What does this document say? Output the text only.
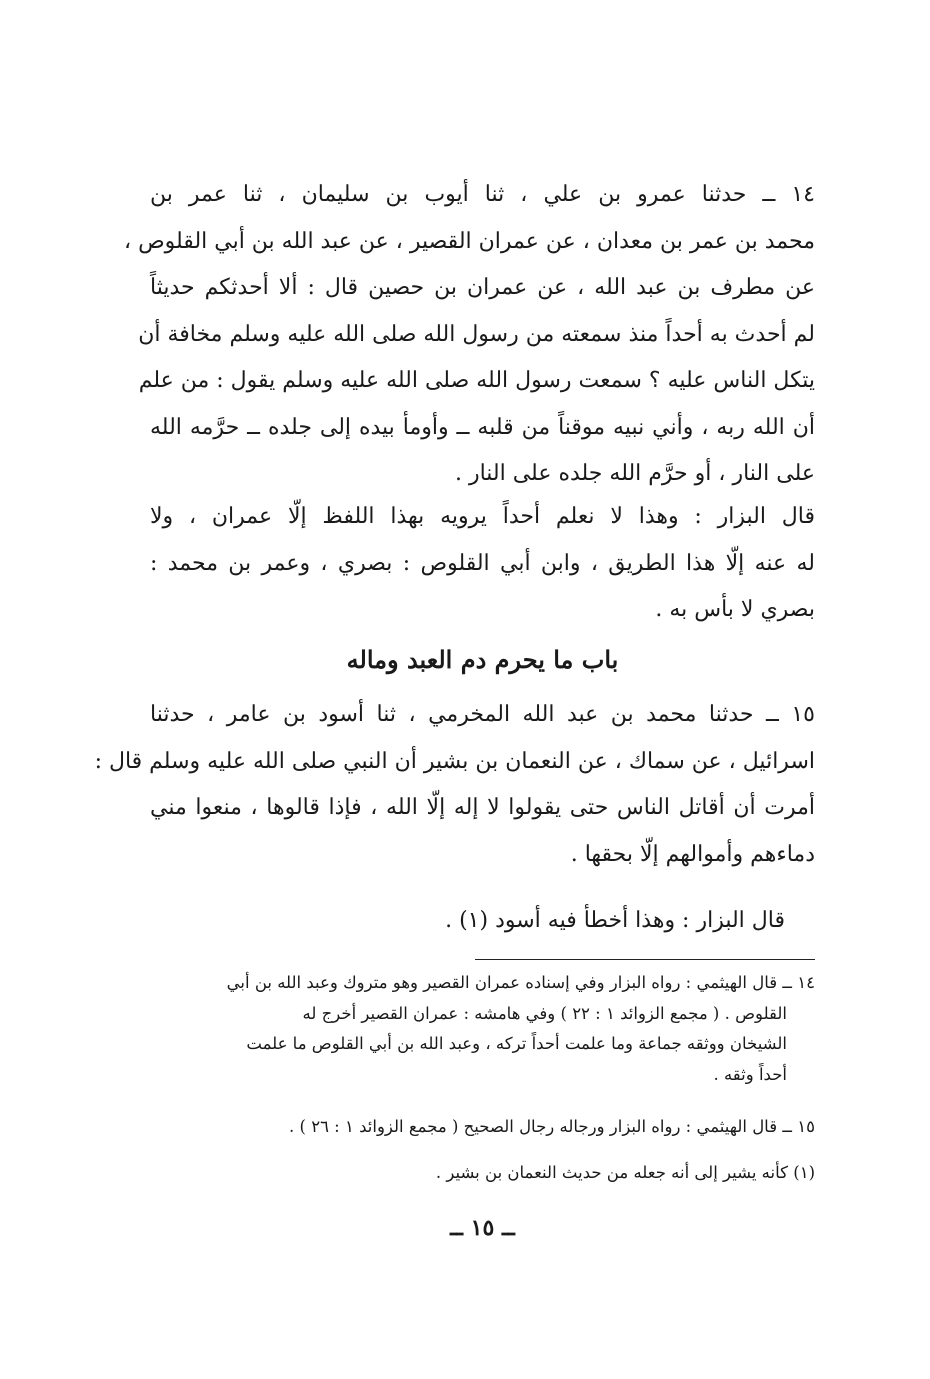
١٤ ــ حدثنا عمرو بن علي ، ثنا أيوب بن سليمان ، ثنا عمر بن
محمد بن عمر بن معدان ، عن عمران القصير ، عن عبد الله بن أبي القلوص ،
عن مطرف بن عبد الله ، عن عمران بن حصين قال : ألا أحدثكم حديثاً
لم أحدث به أحداً منذ سمعته من رسول الله صلى الله عليه وسلم مخافة أن
يتكل الناس عليه ؟ سمعت رسول الله صلى الله عليه وسلم يقول : من علم
أن الله ربه ، وأني نبيه موقناً من قلبه ــ وأومأ بيده إلى جلده ــ حرَّمه الله
على النار ، أو حرَّم الله جلده على النار .
قال البزار : وهذا لا نعلم أحداً يرويه بهذا اللفظ إلّا عمران ، ولا
له عنه إلّا هذا الطريق ، وابن أبي القلوص : بصري ، وعمر بن محمد :
بصري لا بأس به .
باب ما يحرم دم العبد وماله
١٥ ــ حدثنا محمد بن عبد الله المخرمي ، ثنا أسود بن عامر ، حدثنا
اسرائيل ، عن سماك ، عن النعمان بن بشير أن النبي صلى الله عليه وسلم قال :
أمرت أن أقاتل الناس حتى يقولوا لا إله إلّا الله ، فإذا قالوها ، منعوا مني
دماءهم وأموالهم إلّا بحقها .
قال البزار : وهذا أخطأ فيه أسود (١) .
١٤ ــ قال الهيثمي : رواه البزار وفي إسناده عمران القصير وهو متروك وعبد الله بن أبي
القلوص . ( مجمع الزوائد ١ : ٢٢ ) وفي هامشه : عمران القصير أخرج له
الشيخان ووثقه جماعة وما علمت أحداً تركه ، وعبد الله بن أبي القلوص ما علمت
أحداً وثقه .
١٥ ــ قال الهيثمي : رواه البزار ورجاله رجال الصحيح ( مجمع الزوائد ١ : ٢٦ ) .
(١) كأنه يشير إلى أنه جعله من حديث النعمان بن بشير .
ــ ١٥ ــ
